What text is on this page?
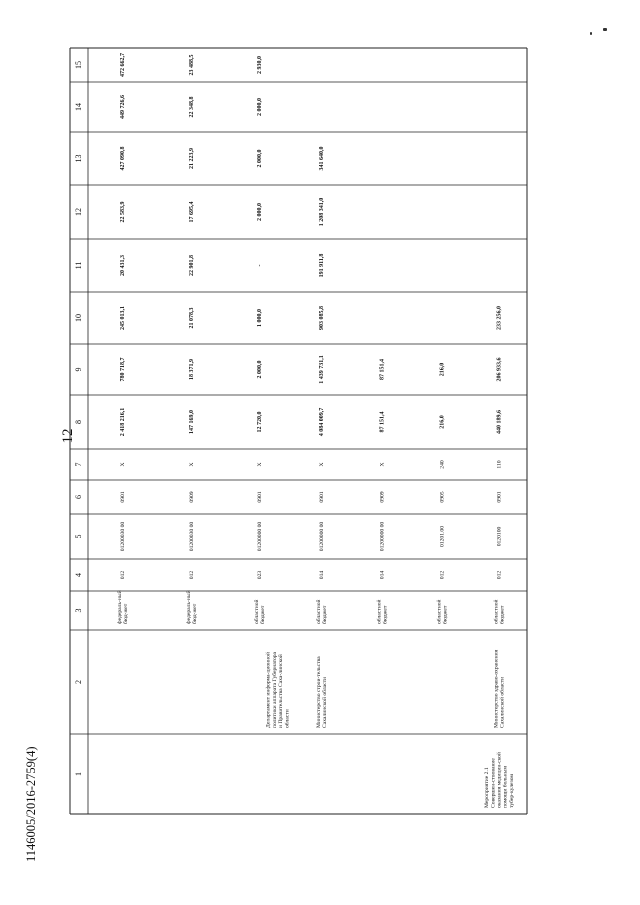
12
1146005/2016-2759(4)	1
2
3
4
5
6
7
8
9
10
11
12
13
14
15
федераль-ныйбюд-жет
012
01200030 00
0901
X
2 418 216,1
780 718,7
245 013,1
20 431,3
22 583,9
427 090,8
449 726,6
472 662,7
федераль-ныйбюд-жет
012
01200030 00
0909
X
147 169,0
18 371,9
21 078,3
22 901,8
17 695,4
21 223,9
22 348,8
23 488,5
Департамент информа-ционнойполитики аппарата Губернатораи Правительства Саха-линскойобласти
областнойбюджет
023
01200000 00
0901
X
12 720,0
2 000,0
1 000,0
-
2 000,0
2 000,0
2 000,0
2 930,0
Министерство строи-тельстваСахалинской области
областнойбюджет
014
01200000 00
0901
X
4 084 009,7
1 439 731,1
903 085,8
191 911,8
1 208 341,0
341 640,0
областнойбюджет
014
01200000 00
0909
X
87 151,4
87 151,4
областнойбюджет
012
01201.00
0905
240
216,0
216,0
Мероприятие 2.1Совершен-ствованиеоказания медицин-скойпомощи больнымтубер-кулезом
Министерство здраво-охраненияСахалинской области
областнойбюджет
012
0120100
0901
110
440 189,6
206 933,6
233 256,0
